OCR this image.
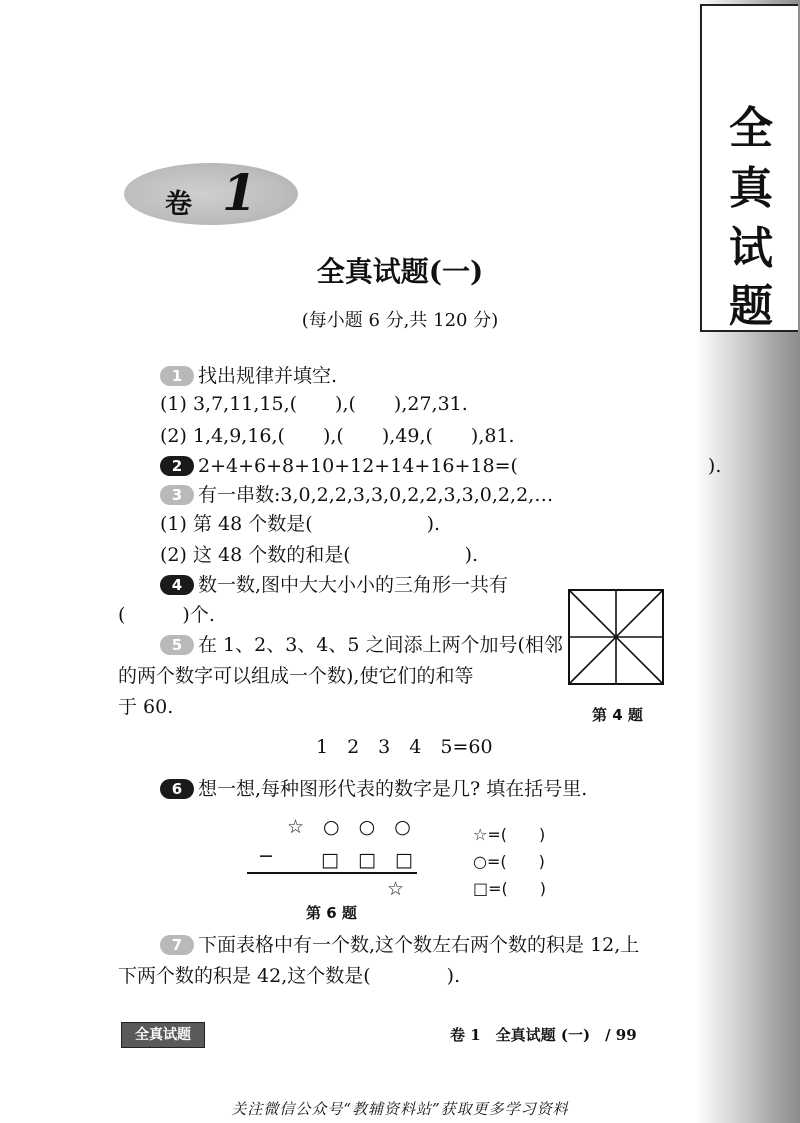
全
真
试
题
卷 1
全真试题(一)
(每小题 6 分,共 120 分)
1 找出规律并填空.
(1) 3,7,11,15,(　　),(　　),27,31.
(2) 1,4,9,16,(　　),(　　),49,(　　),81.
2 2+4+6+8+10+12+14+16+18=(　　　　　　　　　　).
3 有一串数:3,0,2,2,3,3,0,2,2,3,3,0,2,2,…
(1) 第 48 个数是(　　　　　　).
(2) 这 48 个数的和是(　　　　　　).
4 数一数,图中大大小小的三角形一共有
(　　　)个.
第 4 题
5 在 1、2、3、4、5 之间添上两个加号(相邻
的两个数字可以组成一个数),使它们的和等
于 60.
1　2　3　4　5=60
6 想一想,每种图形代表的数字是几? 填在括号里.
☆　○　○　○
− □　□　□
☆
☆=(　　)
○=(　　)
□=(　　)
第 6 题
7 下面表格中有一个数,这个数左右两个数的积是 12,上
下两个数的积是 42,这个数是(　　　　).
全真试题	卷 1　全真试题 (一)　/ 99
关注微信公众号“教辅资料站”获取更多学习资料
